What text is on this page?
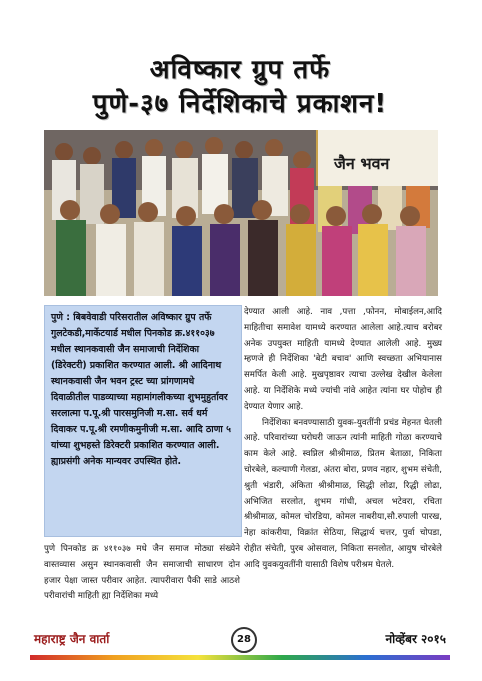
अविष्कार ग्रुप तर्फे
पुणे-३७ निर्देशिकाचे प्रकाशन!
जैन भवन

पुणे : बिबवेवाडी परिसरातील अविष्कार ग्रुप तर्फे गुलटेकडी,मार्केटयार्ड मधील पिनकोड क्र.४११०३७ मधील स्थानकवासी जैन समाजाची निर्देशिका (डिरेक्टरी) प्रकाशित करण्यात आली. श्री आदिनाथ स्थानकवासी जैन भवन ट्रस्ट च्या प्रांगणामधे दिवाळीतील पाडव्याच्या महामांगलीकच्या शुभमुहुर्तावर सरलात्मा प.पू.श्री पारसमुनिजी म.सा. सर्व धर्म दिवाकर प.पू.श्री रमणीकमुनीजी म.सा. आदि ठाणा ५ यांच्या शुभहस्ते डिरेक्टरी प्रकाशित करण्यात आली. ह्याप्रसंगी अनेक मान्यवर उपस्थित होते.

पुणे पिनकोड क्र ४११०३७ मधे जैन समाज मोठ्या संख्येने वास्तव्यास असुन स्थानकवासी जैन समाजाची साधारण दोन हजार पेक्षा जास्त परीवार आहेत. त्यापरीवारा पैकी साडे आठशे परीवारांची माहिती ह्या निर्देशिका मध्ये

देण्यात आली आहे. नाव ,पत्ता ,फोनन, मोबाईलन,आदि माहितीचा समावेश यामध्ये करण्यात आलेला आहे.त्याच बरोबर अनेक उपयुक्त माहिती यामध्ये देण्यात आलेली आहे. मुख्य म्हणजे ही निर्देशिका 'बेटी बचाव' आणि स्वच्छता अभियानास समर्पित केली आहे. मुखपृष्ठावर त्याचा उल्लेख देखील केलेला आहे. या निर्देशिके मध्ये ज्यांची नांवे आहेत त्यांना घर पोहोच ही देण्यात येणार आहे.

निर्देशिका बनवण्यासाठी युवक-युवतींनी प्रचंड मेहनत घेतली आहे. परिवारांच्या घरोघरी जाऊन त्यांनी माहिती गोळा करण्याचे काम केले आहे. स्वप्निल श्रीश्रीमाळ, प्रितम बेताळा, निकिता चोरबेले, कल्याणी गेलडा, अंतरा बोरा, प्रणव नहार, शुभम संचेती, श्रुती भंडारी, अंकिता श्रीश्रीमाळ, सिद्धी लोढा, रिद्धी लोढा, अभिजित सरलोत, शुभम गांधी, अचल भटेवरा, रचिता श्रीश्रीमाळ, कोमल चोरडिया, कोमल नाबरीया,सौ.रुपाली पारख, नेहा कांकरीया, विक्रांत सेठिया, सिद्धार्थ चत्तर, पुर्वा चोपडा, रोहीत संचेती, पुरब ओसवाल, निकिता सनलोत, आयुष चोरबेले आदि युवकयुवतींनी यासाठी विशेष परीश्रम घेतले.

महाराष्ट्र जैन वार्ता	28	नोव्हेंबर २०१५
